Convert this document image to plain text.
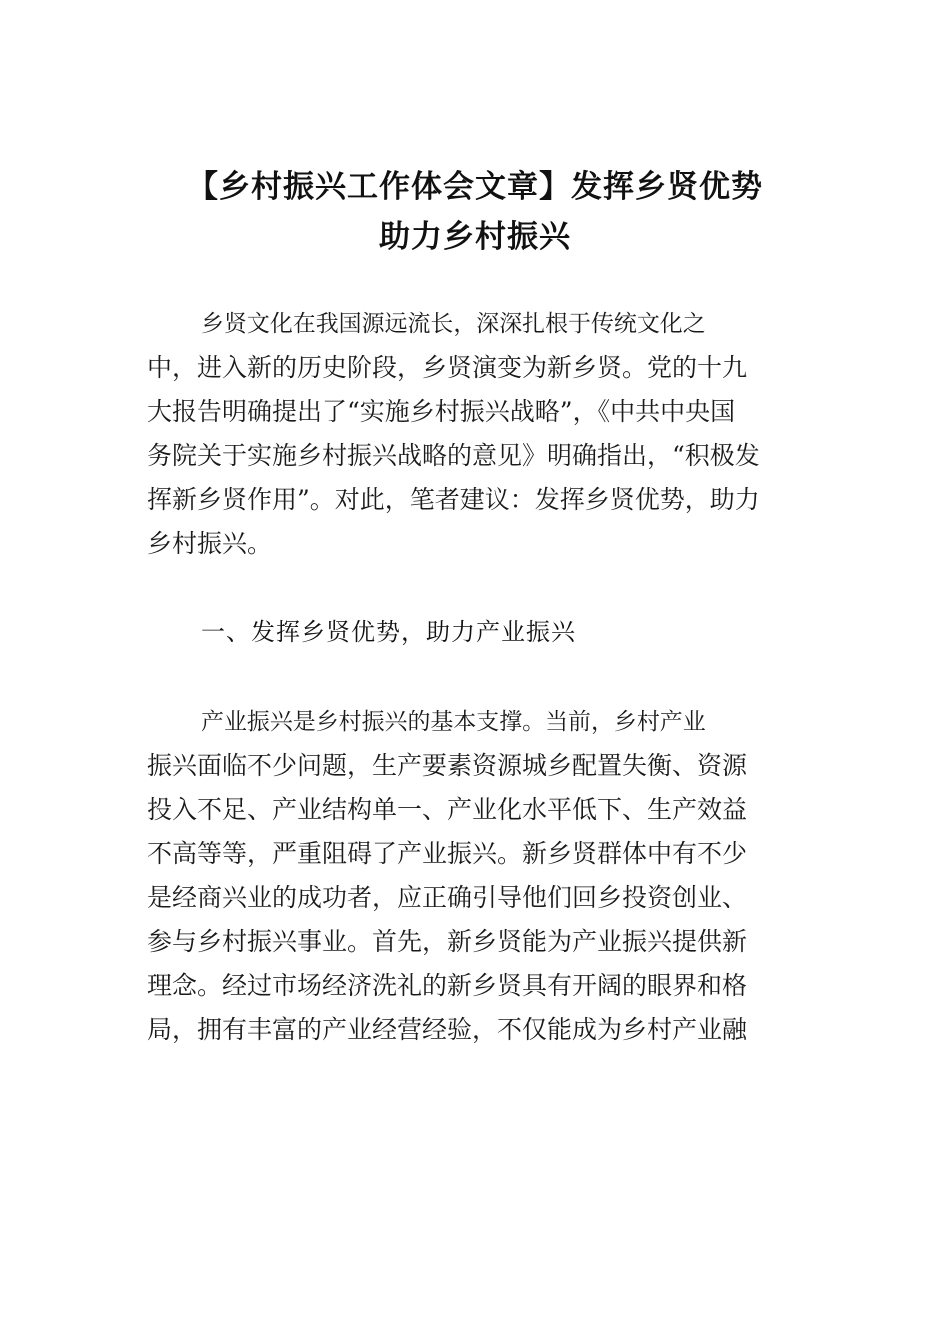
【乡村振兴工作体会文章】发挥乡贤优势
助力乡村振兴
乡贤文化在我国源远流长，深深扎根于传统文化之
中，进入新的历史阶段，乡贤演变为新乡贤。党的十九
大报告明确提出了“实施乡村振兴战略”，《中共中央国
务院关于实施乡村振兴战略的意见》明确指出，“积极发
挥新乡贤作用”。对此，笔者建议：发挥乡贤优势，助力
乡村振兴。
一、发挥乡贤优势，助力产业振兴
产业振兴是乡村振兴的基本支撑。当前，乡村产业
振兴面临不少问题，生产要素资源城乡配置失衡、资源
投入不足、产业结构单一、产业化水平低下、生产效益
不高等等，严重阻碍了产业振兴。新乡贤群体中有不少
是经商兴业的成功者，应正确引导他们回乡投资创业、
参与乡村振兴事业。首先，新乡贤能为产业振兴提供新
理念。经过市场经济洗礼的新乡贤具有开阔的眼界和格
局，拥有丰富的产业经营经验，不仅能成为乡村产业融
